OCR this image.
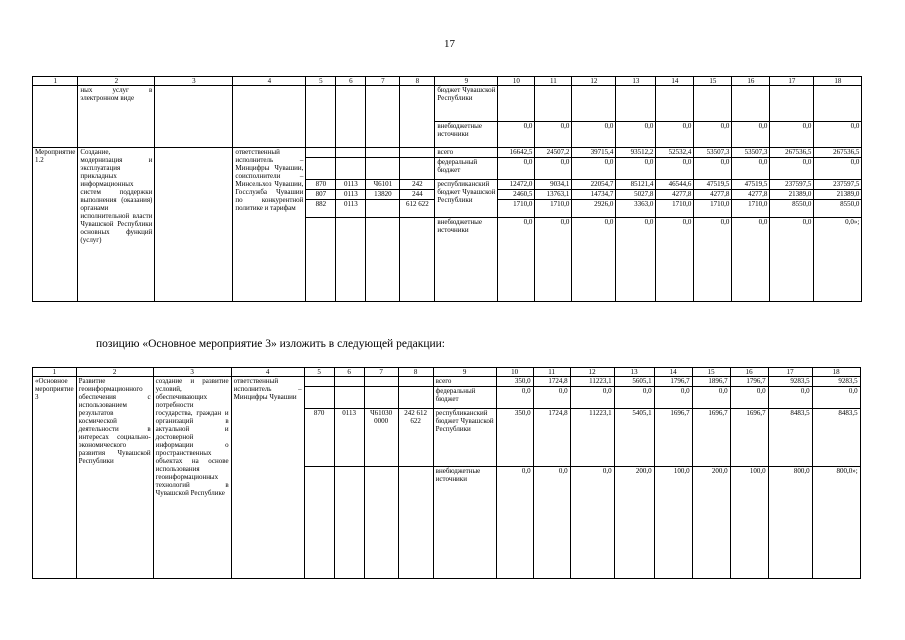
17
1	2	3	4	5	6	7	8	9	10	11	12	13	14	15	16	17	18
	ных услуг в электронном виде							бюджет Чувашской Республики									
								внебюджетные источники	0,0	0,0	0,0	0,0	0,0	0,0	0,0	0,0	0,0
Мероприятие 1.2	Создание, модернизация и эксплуатация прикладных информационных систем поддержки выполнения (оказания) органами исполнительной власти Чувашской Республики основных функций (услуг)		ответственный исполнитель – Минцифры Чувашии, соисполнители – Минсельхоз Чувашии, Госслужба Чувашии по конкурентной политике и тарифам					всего	16642,5	24507,2	39715,4	93512,2	52532,4	53507,3	53507,3	267536,5	267536,5
								федеральный бюджет	0,0	0,0	0,0	0,0	0,0	0,0	0,0	0,0	0,0
				870	0113	Ч6101	242	республиканский бюджет Чувашской Республики	12472,0	9034,1	22054,7	85121,4	46544,6	47519,5	47519,5	237597,5	237597,5
				807	0113	13820	244		2460,5	13763,1	14734,7	5027,8	4277,8	4277,8	4277,8	21389,0	21389,0
				882	0113		612 622		1710,0	1710,0	2926,0	3363,0	1710,0	1710,0	1710,0	8550,0	8550,0
								внебюджетные источники	0,0	0,0	0,0	0,0	0,0	0,0	0,0	0,0	0,0»;
позицию «Основное мероприятие 3» изложить в следующей редакции:
1	2	3	4	5	6	7	8	9	10	11	12	13	14	15	16	17	18
«Основное мероприятие 3	Развитие геоинформационного обеспечения с использованием результатов космической деятельности в интересах социально-экономического развития Чувашской Республики	создание и развитие условий, обеспечивающих потребности государства, граждан и организаций в актуальной и достоверной информации о пространственных объектах на основе использования геоинформационных технологий в Чувашской Республике	ответственный исполнитель – Минцифры Чувашии					всего	350,0	1724,8	11223,1	5605,1	1796,7	1896,7	1796,7	9283,5	9283,5
								федеральный бюджет	0,0	0,0	0,0	0,0	0,0	0,0	0,0	0,0	0,0
				870	0113	Ч61030 0000	242 612 622	республиканский бюджет Чувашской Республики	350,0	1724,8	11223,1	5405,1	1696,7	1696,7	1696,7	8483,5	8483,5
								внебюджетные источники	0,0	0,0	0,0	200,0	100,0	200,0	100,0	800,0	800,0»;
